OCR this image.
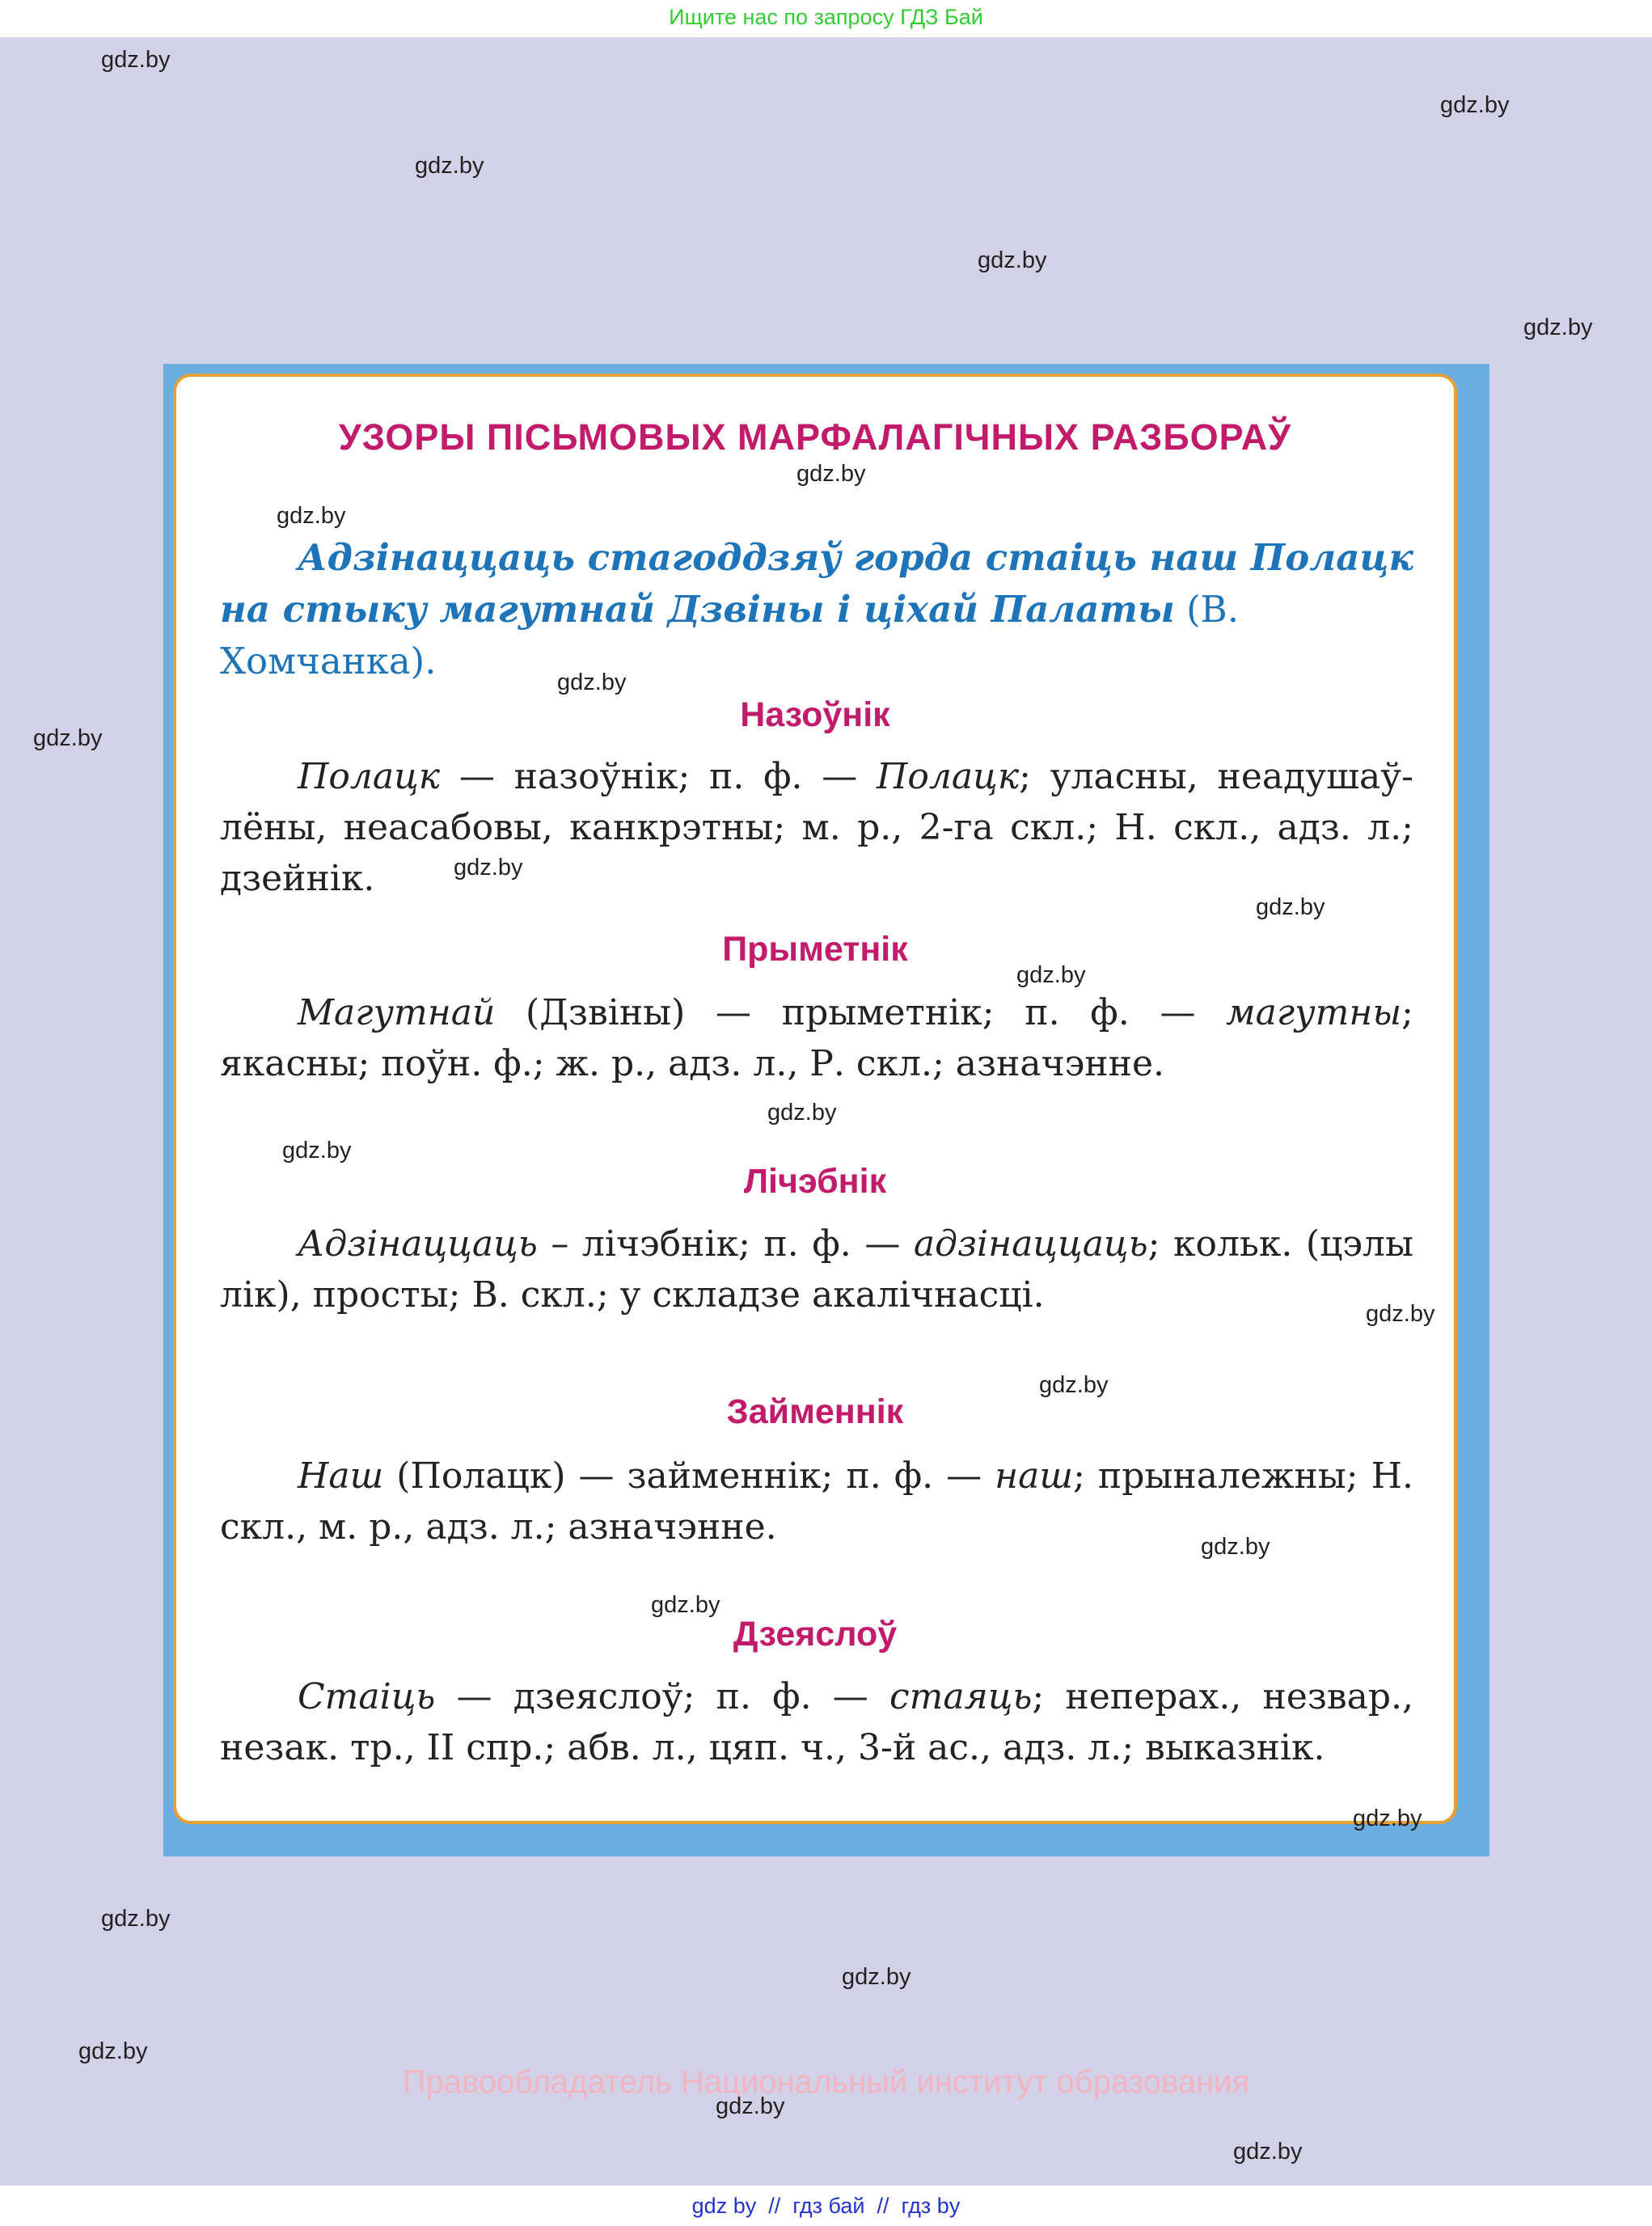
Ищите нас по запросу ГДЗ Бай
УЗОРЫ ПІСЬМОВЫХ МАРФАЛАГІЧНЫХ РАЗБОРАЎ
Адзінаццаць стагоддзяў горда стаіць наш Полацк на стыку магутнай Дзвіны і ціхай Палаты (В. Хомчанка).
Назоўнік
Полацк — назоўнік; п. ф. — Полацк; уласны, неадушаўлёны, неасабовы, канкрэтны; м. р., 2-га скл.; Н. скл., адз. л.; дзейнік.
Прыметнік
Магутнай (Дзвіны) — прыметнік; п. ф. — магутны; якасны; поўн. ф.; ж. р., адз. л., Р. скл.; азначэнне.
Лічэбнік
Адзінаццаць – лічэбнік; п. ф. — адзінаццаць; кольк. (цэлы лік), просты; В. скл.; у складзе акалічнасці.
Займеннік
Наш (Полацк) — займеннік; п. ф. — наш; прыналежны; Н. скл., м. р., адз. л.; азначэнне.
Дзеяслоў
Стаіць — дзеяслоў; п. ф. — стаяць; неперах., незвар., незак. тр., II спр.; абв. л., цяп. ч., 3-й ас., адз. л.; выказнік.
Правообладатель Национальный институт образования
gdz.by
gdz.by
gdz.by
gdz.by
gdz.by
gdz.by
gdz.by
gdz.by
gdz.by
gdz.by
gdz.by
gdz.by
gdz.by
gdz.by
gdz.by
gdz.by
gdz.by
gdz.by
gdz.by
gdz.by
gdz.by
gdz.by
gdz.by
gdz.by
gdz by // гдз бай // гдз by
